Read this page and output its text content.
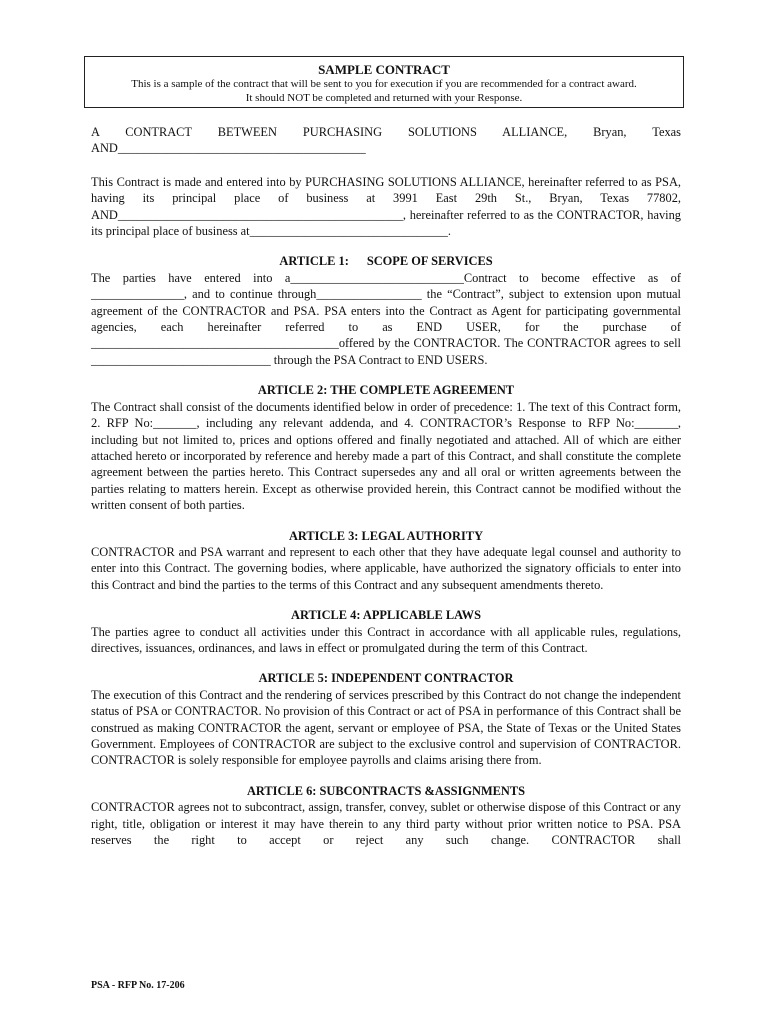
SAMPLE CONTRACT
This is a sample of the contract that will be sent to you for execution if you are recommended for a contract award.
It should NOT be completed and returned with your Response.

A CONTRACT BETWEEN PURCHASING SOLUTIONS ALLIANCE, Bryan, Texas

AND________________________________________

This Contract is made and entered into by PURCHASING SOLUTIONS ALLIANCE, hereinafter referred to as PSA, having its principal place of business at 3991 East 29th St., Bryan, Texas 77802, AND______________________________________________, hereinafter referred to as the CONTRACTOR, having its principal place of business at________________________________.

ARTICLE 1: SCOPE OF SERVICES

The parties have entered into a____________________________Contract to become effective as of _______________, and to continue through_________________ the “Contract”, subject to extension upon mutual agreement of the CONTRACTOR and PSA. PSA enters into the Contract as Agent for participating governmental agencies, each hereinafter referred to as END USER, for the purchase of ________________________________________offered by the CONTRACTOR. The CONTRACTOR agrees to sell _____________________________ through the PSA Contract to END USERS.

ARTICLE 2: THE COMPLETE AGREEMENT

The Contract shall consist of the documents identified below in order of precedence: 1. The text of this Contract form, 2. RFP No:_______, including any relevant addenda, and 4. CONTRACTOR’s Response to RFP No:_______, including but not limited to, prices and options offered and finally negotiated and attached. All of which are either attached hereto or incorporated by reference and hereby made a part of this Contract, and shall constitute the complete agreement between the parties hereto. This Contract supersedes any and all oral or written agreements between the parties relating to matters herein. Except as otherwise provided herein, this Contract cannot be modified without the written consent of both parties.

ARTICLE 3: LEGAL AUTHORITY

CONTRACTOR and PSA warrant and represent to each other that they have adequate legal counsel and authority to enter into this Contract. The governing bodies, where applicable, have authorized the signatory officials to enter into this Contract and bind the parties to the terms of this Contract and any subsequent amendments thereto.

ARTICLE 4: APPLICABLE LAWS

The parties agree to conduct all activities under this Contract in accordance with all applicable rules, regulations, directives, issuances, ordinances, and laws in effect or promulgated during the term of this Contract.

ARTICLE 5: INDEPENDENT CONTRACTOR

The execution of this Contract and the rendering of services prescribed by this Contract do not change the independent status of PSA or CONTRACTOR. No provision of this Contract or act of PSA in performance of this Contract shall be construed as making CONTRACTOR the agent, servant or employee of PSA, the State of Texas or the United States Government. Employees of CONTRACTOR are subject to the exclusive control and supervision of CONTRACTOR. CONTRACTOR is solely responsible for employee payrolls and claims arising there from.

ARTICLE 6: SUBCONTRACTS &ASSIGNMENTS

CONTRACTOR agrees not to subcontract, assign, transfer, convey, sublet or otherwise dispose of this Contract or any right, title, obligation or interest it may have therein to any third party without prior written notice to PSA. PSA reserves the right to accept or reject any such change. CONTRACTOR shall

PSA - RFP No. 17-206
